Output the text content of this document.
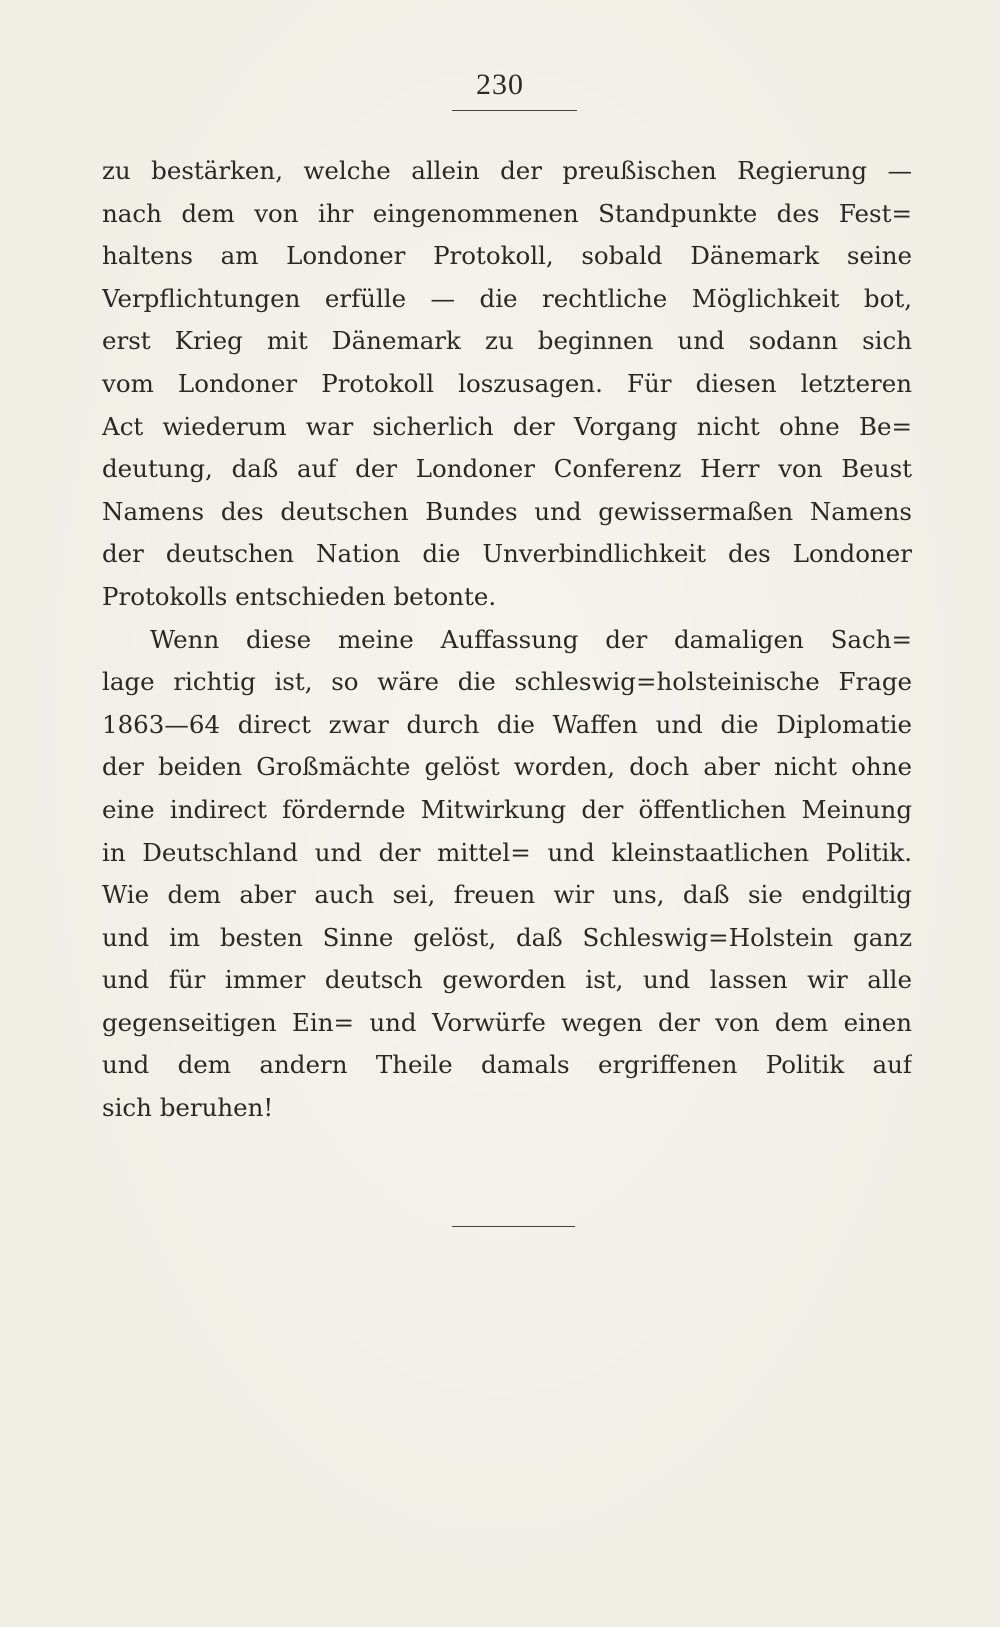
230
zu bestärken, welche allein der preußischen Regierung —
nach dem von ihr eingenommenen Standpunkte des Fest=
haltens am Londoner Protokoll, sobald Dänemark seine
Verpflichtungen erfülle — die rechtliche Möglichkeit bot,
erst Krieg mit Dänemark zu beginnen und sodann sich
vom Londoner Protokoll loszusagen. Für diesen letzteren
Act wiederum war sicherlich der Vorgang nicht ohne Be=
deutung, daß auf der Londoner Conferenz Herr von Beust
Namens des deutschen Bundes und gewissermaßen Namens
der deutschen Nation die Unverbindlichkeit des Londoner
Protokolls entschieden betonte.
Wenn diese meine Auffassung der damaligen Sach=
lage richtig ist, so wäre die schleswig=holsteinische Frage
1863—64 direct zwar durch die Waffen und die Diplomatie
der beiden Großmächte gelöst worden, doch aber nicht ohne
eine indirect fördernde Mitwirkung der öffentlichen Meinung
in Deutschland und der mittel= und kleinstaatlichen Politik.
Wie dem aber auch sei, freuen wir uns, daß sie endgiltig
und im besten Sinne gelöst, daß Schleswig=Holstein ganz
und für immer deutsch geworden ist, und lassen wir alle
gegenseitigen Ein= und Vorwürfe wegen der von dem einen
und dem andern Theile damals ergriffenen Politik auf
sich beruhen!
